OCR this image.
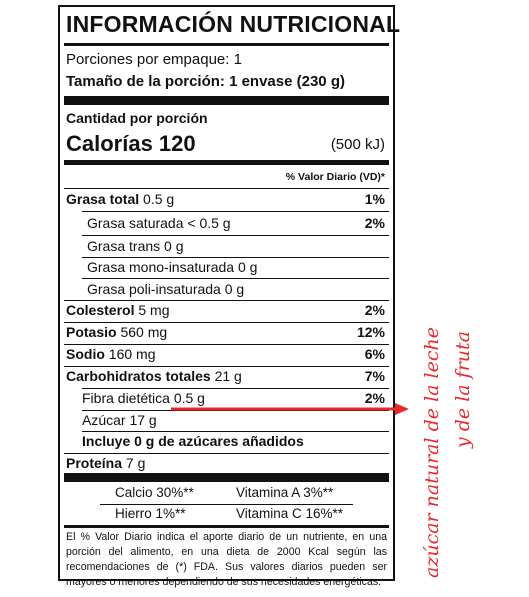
INFORMACIÓN NUTRICIONAL
Porciones por empaque: 1
Tamaño de la porción: 1 envase (230 g)
Cantidad por porción
Calorías 120	(500 kJ)
% Valor Diario (VD)*
Grasa total 0.5 g	1%
Grasa saturada < 0.5 g	2%
Grasa trans 0 g
Grasa mono-insaturada 0 g
Grasa poli-insaturada 0 g
Colesterol 5 mg	2%
Potasio 560 mg	12%
Sodio 160 mg	6%
Carbohidratos totales 21 g	7%
Fibra dietética 0.5 g	2%
Azúcar 17 g
Incluye 0 g de azúcares añadidos
Proteína 7 g
Calcio 30%**	Vitamina A 3%**
Hierro 1%**	Vitamina C 16%**
El % Valor Diario indica el aporte diario de un nutriente, en una porción del alimento, en una dieta de 2000 Kcal según las recomendaciones de (*) FDA. Sus valores diarios pueden ser mayores o menores dependiendo de sus necesidades energéticas.
azúcar natural de la leche y de la fruta
